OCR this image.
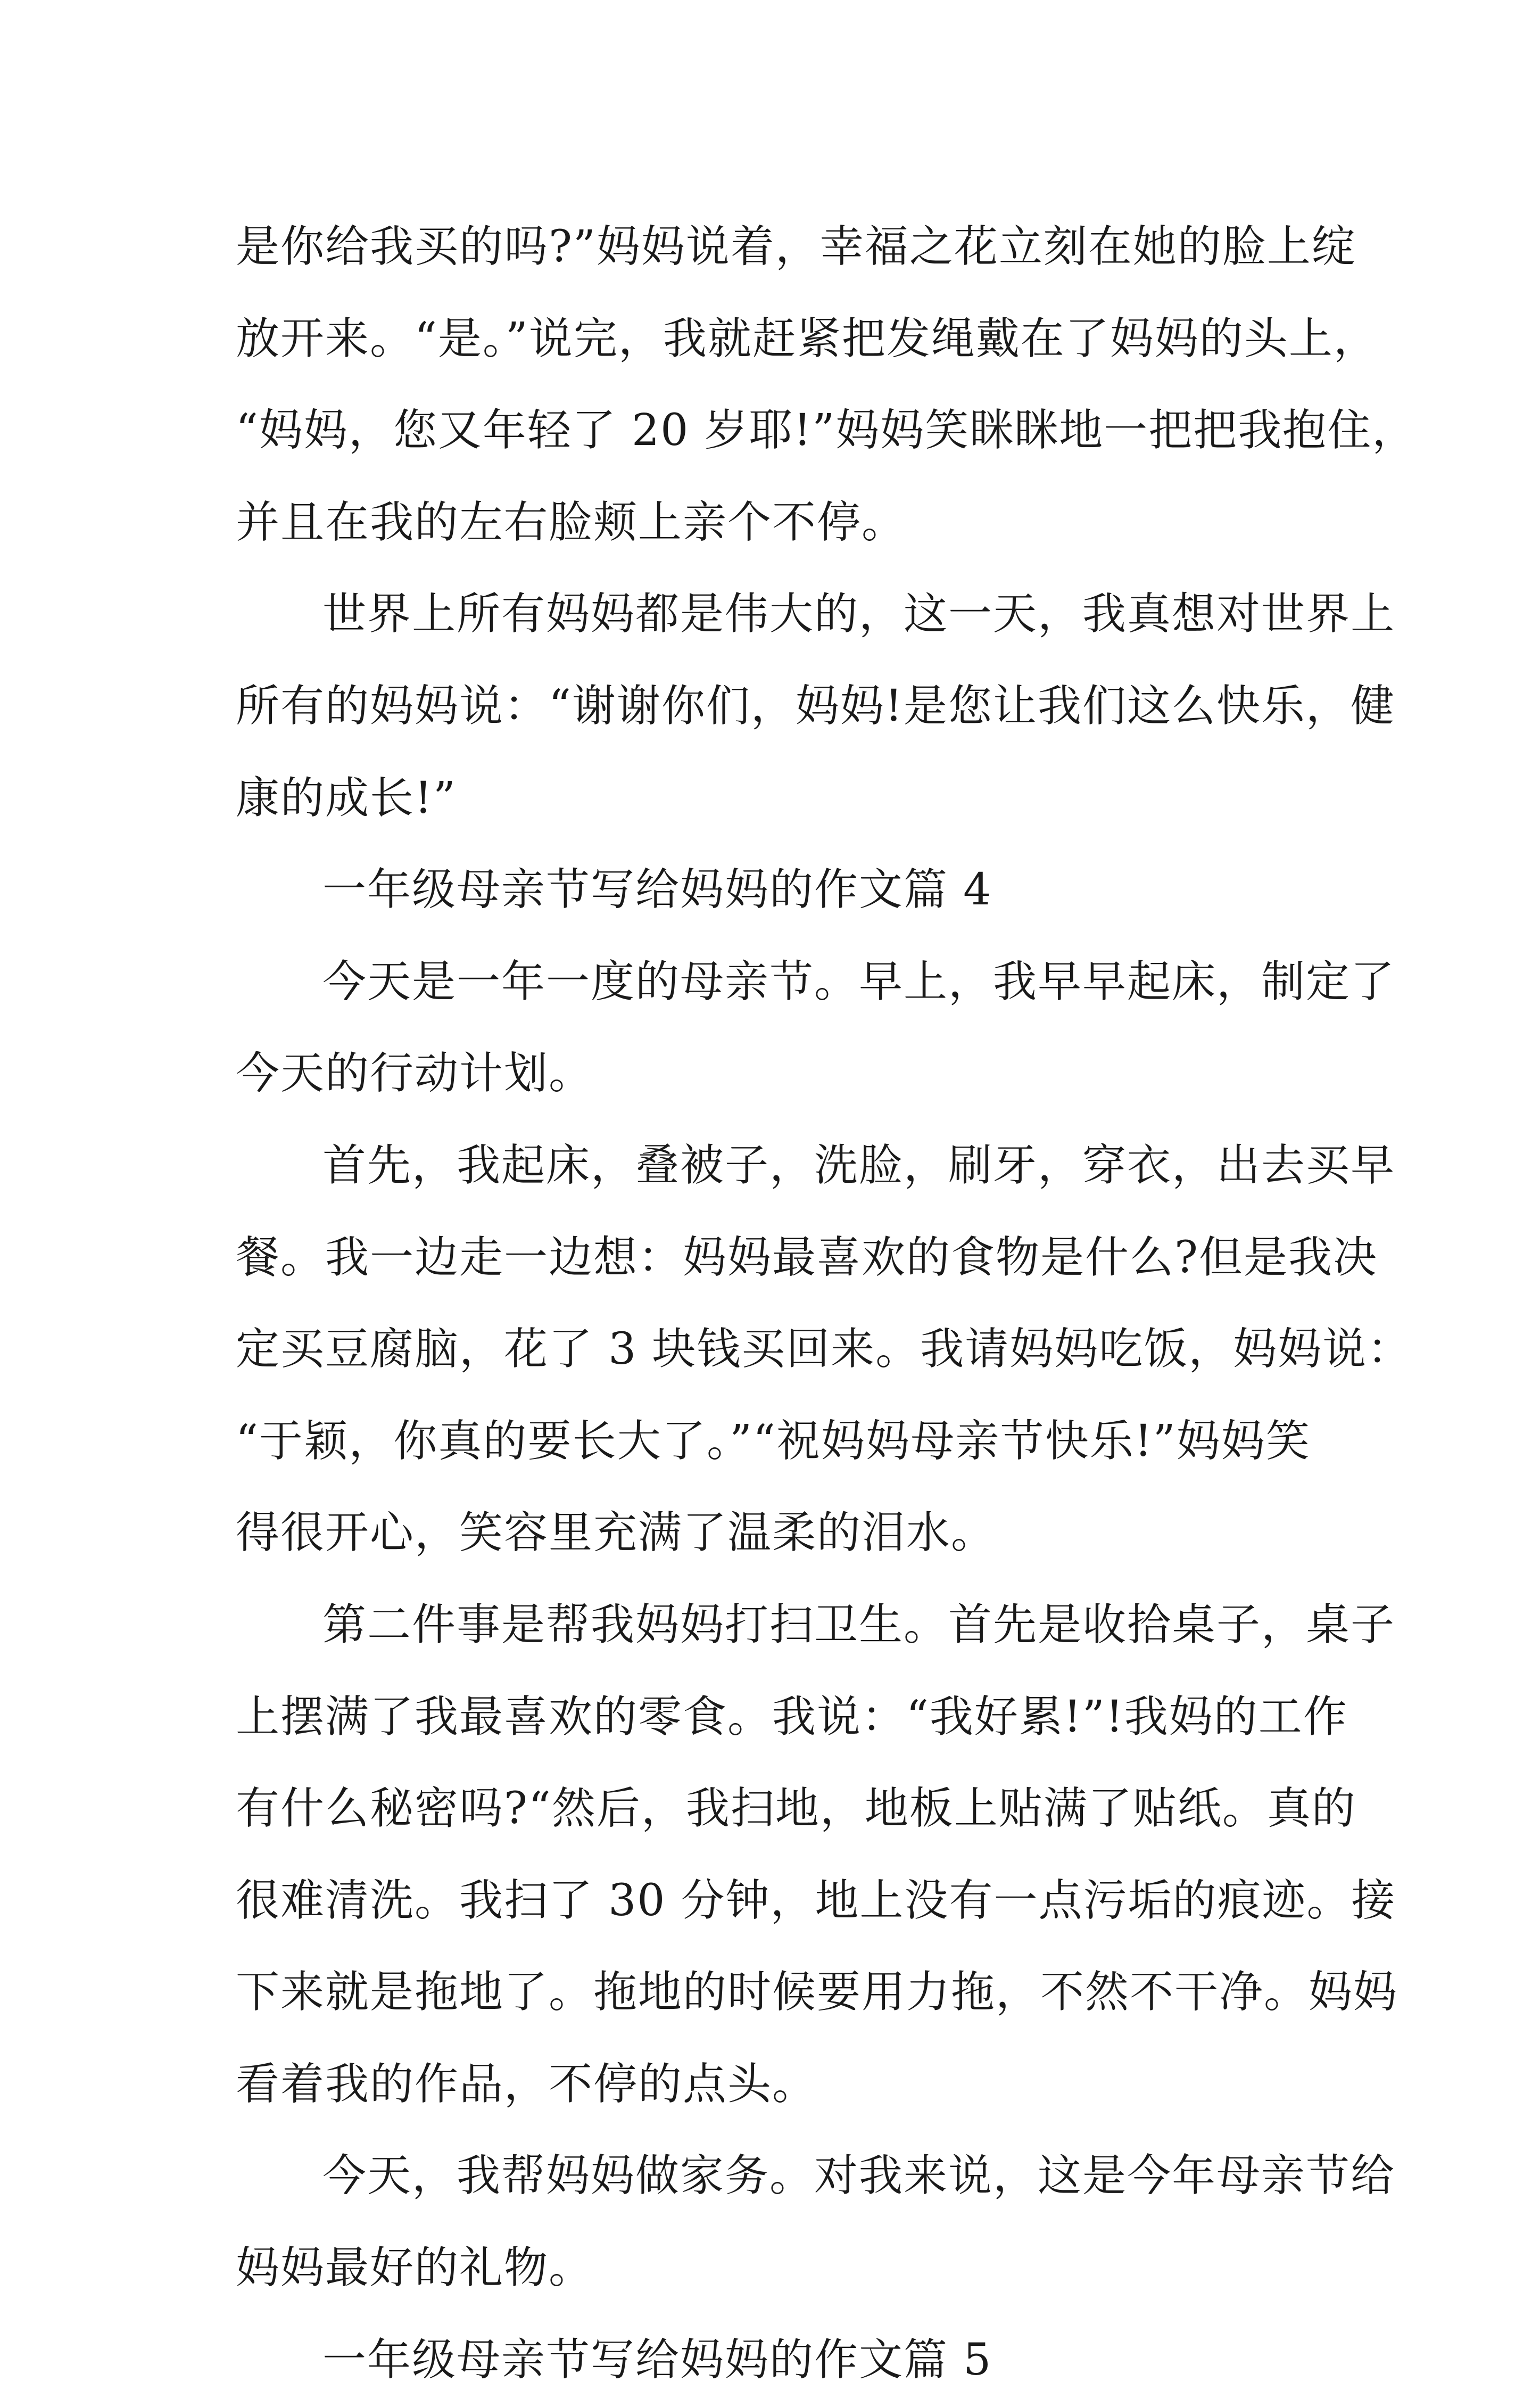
是你给我买的吗?”妈妈说着，幸福之花立刻在她的脸上绽
放开来。“是。”说完，我就赶紧把发绳戴在了妈妈的头上，
“妈妈，您又年轻了 20 岁耶!”妈妈笑眯眯地一把把我抱住，
并且在我的左右脸颊上亲个不停。
世界上所有妈妈都是伟大的，这一天，我真想对世界上
所有的妈妈说：“谢谢你们，妈妈!是您让我们这么快乐，健
康的成长!”
一年级母亲节写给妈妈的作文篇 4
今天是一年一度的母亲节。早上，我早早起床，制定了
今天的行动计划。
首先，我起床，叠被子，洗脸，刷牙，穿衣，出去买早
餐。我一边走一边想：妈妈最喜欢的食物是什么?但是我决
定买豆腐脑，花了 3 块钱买回来。我请妈妈吃饭，妈妈说：
“于颖，你真的要长大了。”“祝妈妈母亲节快乐!”妈妈笑
得很开心，笑容里充满了温柔的泪水。
第二件事是帮我妈妈打扫卫生。首先是收拾桌子，桌子
上摆满了我最喜欢的零食。我说：“我好累!”!我妈的工作
有什么秘密吗?“然后，我扫地，地板上贴满了贴纸。真的
很难清洗。我扫了 30 分钟，地上没有一点污垢的痕迹。接
下来就是拖地了。拖地的时候要用力拖，不然不干净。妈妈
看着我的作品，不停的点头。
今天，我帮妈妈做家务。对我来说，这是今年母亲节给
妈妈最好的礼物。
一年级母亲节写给妈妈的作文篇 5
